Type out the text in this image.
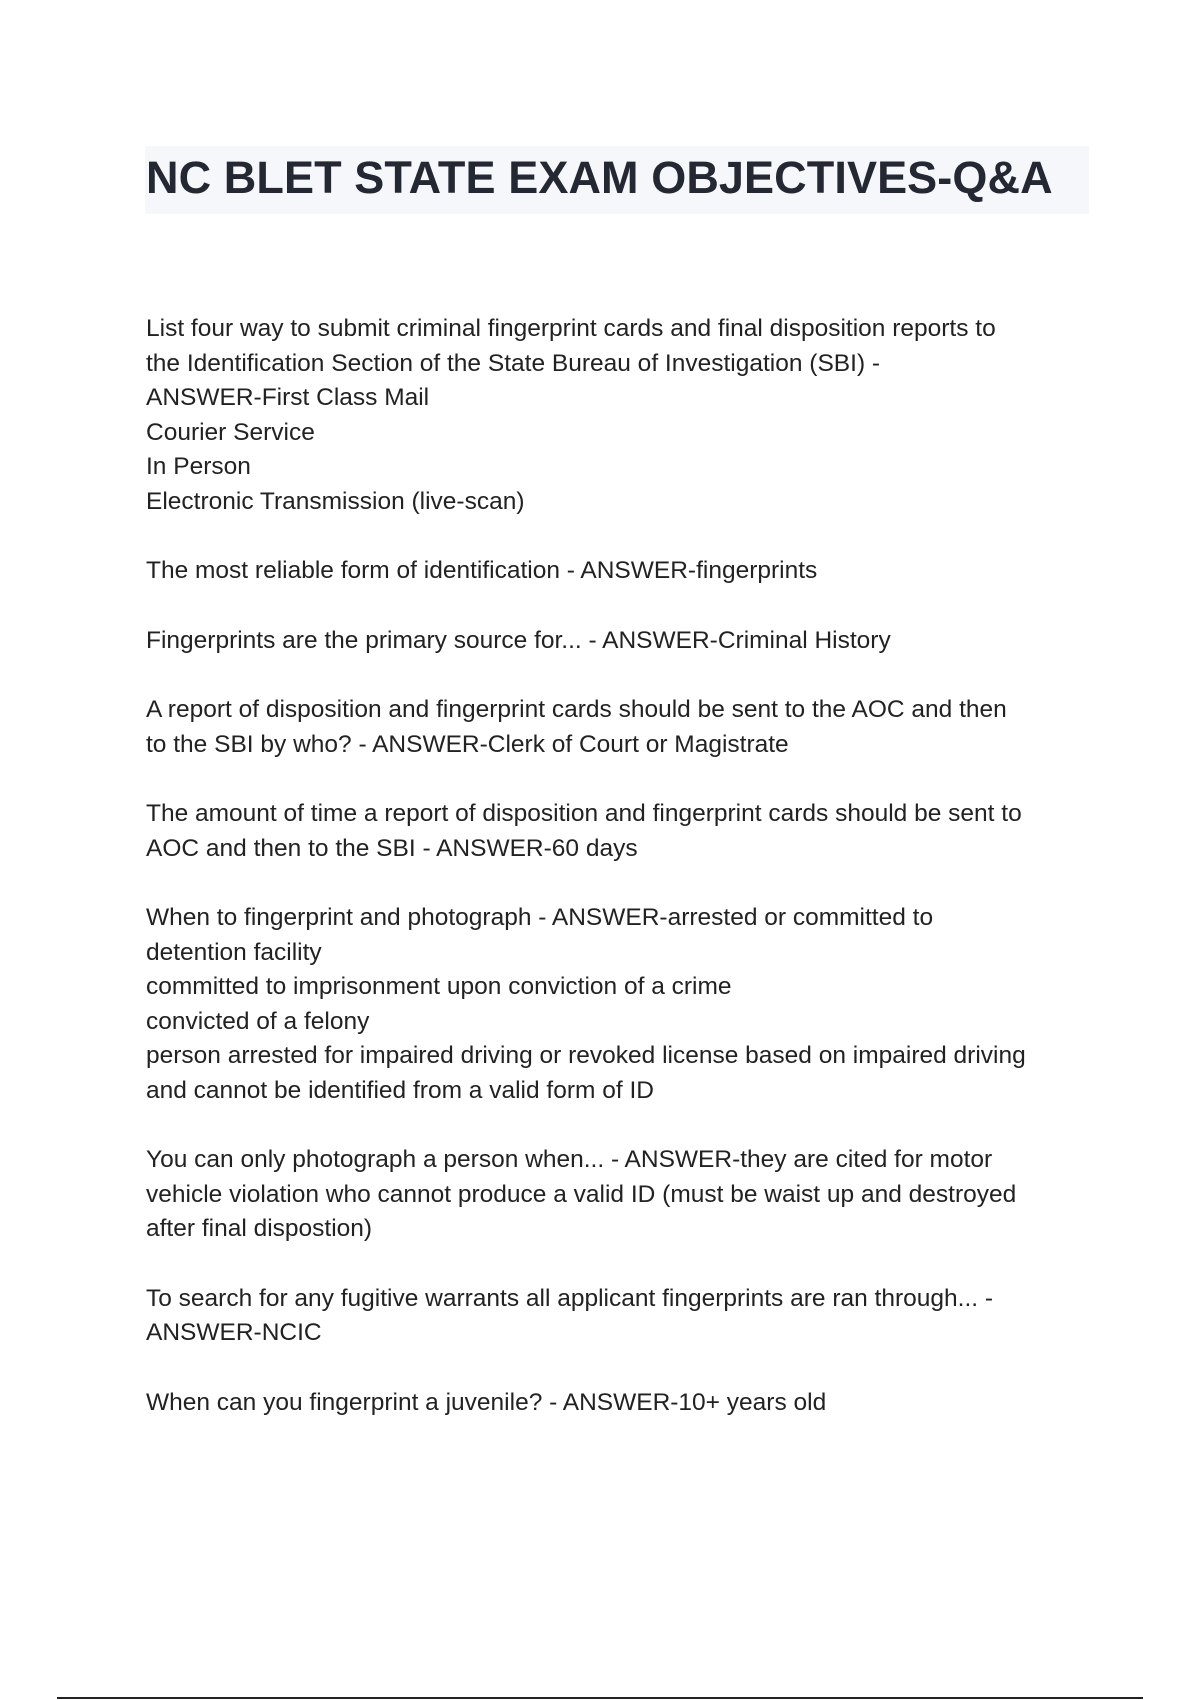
NC BLET STATE EXAM OBJECTIVES-Q&A
List four way to submit criminal fingerprint cards and final disposition reports to
the Identification Section of the State Bureau of Investigation (SBI) -
ANSWER-First Class Mail
Courier Service
In Person
Electronic Transmission (live-scan)
The most reliable form of identification - ANSWER-fingerprints
Fingerprints are the primary source for... - ANSWER-Criminal History
A report of disposition and fingerprint cards should be sent to the AOC and then
to the SBI by who? - ANSWER-Clerk of Court or Magistrate
The amount of time a report of disposition and fingerprint cards should be sent to
AOC and then to the SBI - ANSWER-60 days
When to fingerprint and photograph - ANSWER-arrested or committed to
detention facility
committed to imprisonment upon conviction of a crime
convicted of a felony
person arrested for impaired driving or revoked license based on impaired driving
and cannot be identified from a valid form of ID
You can only photograph a person when... - ANSWER-they are cited for motor
vehicle violation who cannot produce a valid ID (must be waist up and destroyed
after final dispostion)
To search for any fugitive warrants all applicant fingerprints are ran through... -
ANSWER-NCIC
When can you fingerprint a juvenile? - ANSWER-10+ years old
